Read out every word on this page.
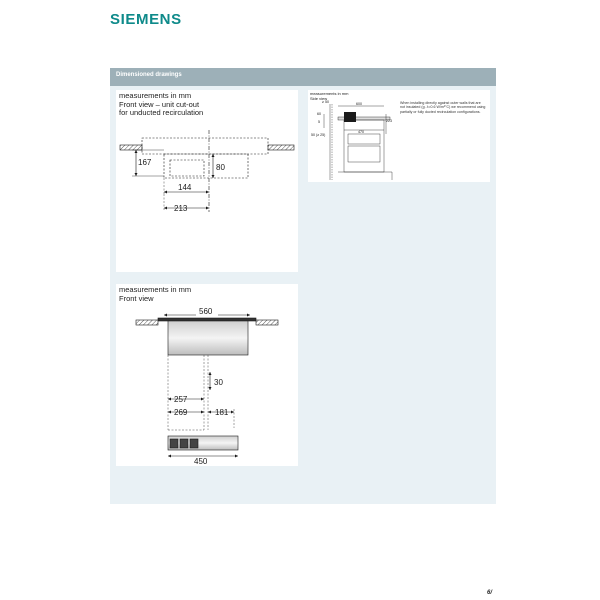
SIEMENS
Dimensioned drawings
measurements in mm
Front view – unit cut-out
for unducted recirculation
167
80
144
213
measurements in mm
Front view
560
30
257
269	181
450
measurements in mm
Side view
When installing directly against outer walls that are not insulated (g. λ<0.6 W/m²°C) we recommend using partially or fully ducted recirculation configurations.
≥ 50	600
60
10-80	223
5
50 (≥ 25)
470
6/
